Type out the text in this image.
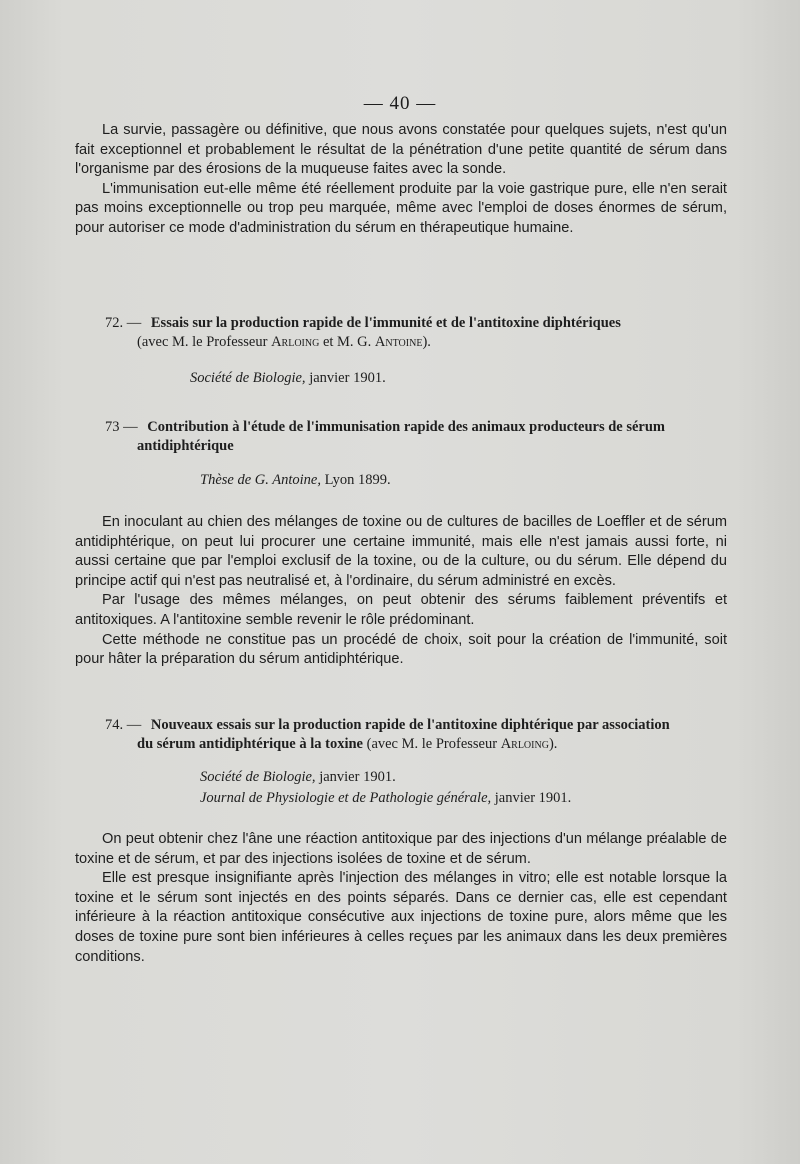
— 40 —

La survie, passagère ou définitive, que nous avons constatée pour quelques sujets, n'est qu'un fait exceptionnel et probablement le résultat de la pénétration d'une petite quantité de sérum dans l'organisme par des érosions de la muqueuse faites avec la sonde.

L'immunisation eut-elle même été réellement produite par la voie gastrique pure, elle n'en serait pas moins exceptionnelle ou trop peu marquée, même avec l'emploi de doses énormes de sérum, pour autoriser ce mode d'administration du sérum en thérapeutique humaine.

72. — Essais sur la production rapide de l'immunité et de l'antitoxine diphtériques
(avec M. le Professeur Arloing et M. G. Antoine).
Société de Biologie, janvier 1901.
73 — Contribution à l'étude de l'immunisation rapide des animaux producteurs de sérum
antidiphtérique
Thèse de G. Antoine, Lyon 1899.

En inoculant au chien des mélanges de toxine ou de cultures de bacilles de Loeffler et de sérum antidiphtérique, on peut lui procurer une certaine immunité, mais elle n'est jamais aussi forte, ni aussi certaine que par l'emploi exclusif de la toxine, ou de la culture, ou du sérum. Elle dépend du principe actif qui n'est pas neutralisé et, à l'ordinaire, du sérum administré en excès.

Par l'usage des mêmes mélanges, on peut obtenir des sérums faiblement préventifs et antitoxiques. A l'antitoxine semble revenir le rôle prédominant.

Cette méthode ne constitue pas un procédé de choix, soit pour la création de l'immunité, soit pour hâter la préparation du sérum antidiphtérique.

74. — Nouveaux essais sur la production rapide de l'antitoxine diphtérique par association
du sérum antidiphtérique à la toxine (avec M. le Professeur Arloing).
Société de Biologie, janvier 1901.
Journal de Physiologie et de Pathologie générale, janvier 1901.

On peut obtenir chez l'âne une réaction antitoxique par des injections d'un mélange préalable de toxine et de sérum, et par des injections isolées de toxine et de sérum.

Elle est presque insignifiante après l'injection des mélanges in vitro; elle est notable lorsque la toxine et le sérum sont injectés en des points séparés. Dans ce dernier cas, elle est cependant inférieure à la réaction antitoxique consécutive aux injections de toxine pure, alors même que les doses de toxine pure sont bien inférieures à celles reçues par les animaux dans les deux premières conditions.
